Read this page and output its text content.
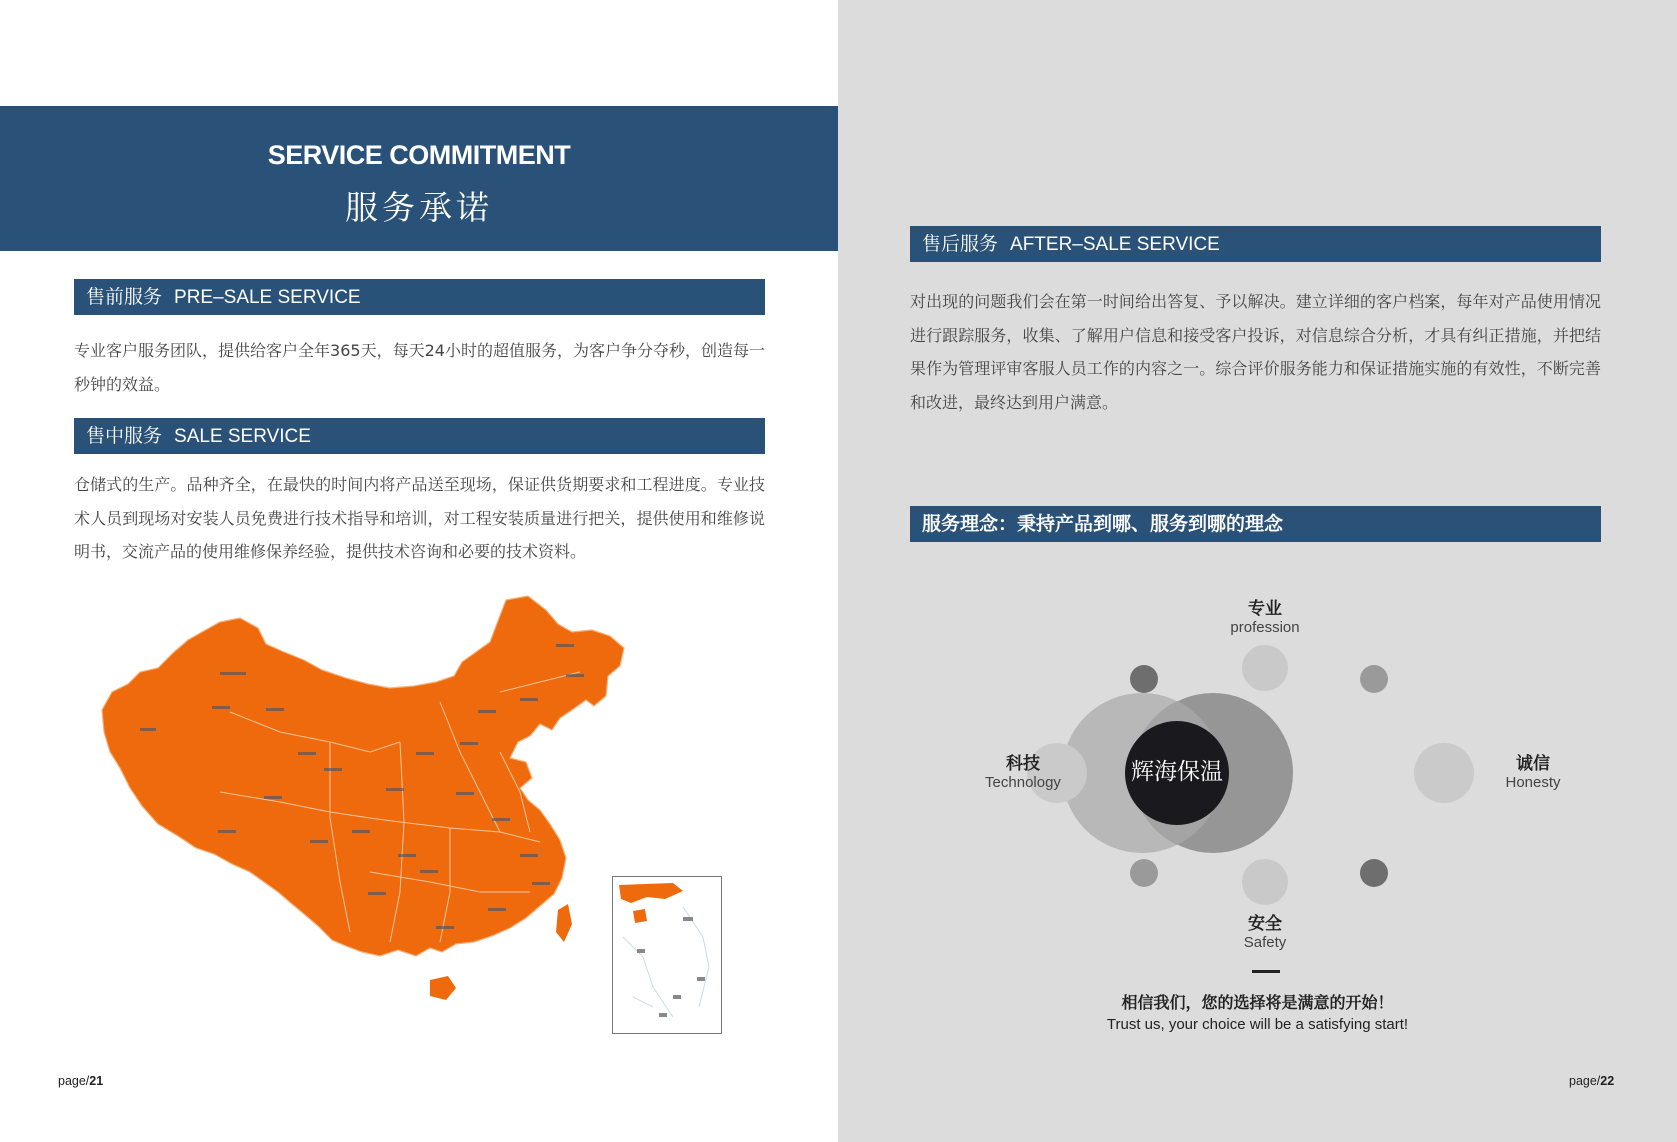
SERVICE COMMITMENT
服务承诺
售前服务 PRE–SALE SERVICE
专业客户服务团队，提供给客户全年365天，每天24小时的超值服务，为客户争分夺秒，创造每一秒钟的效益。
售中服务 SALE SERVICE
仓储式的生产。品种齐全，在最快的时间内将产品送至现场，保证供货期要求和工程进度。专业技术人员到现场对安装人员免费进行技术指导和培训，对工程安装质量进行把关，提供使用和维修说明书，交流产品的使用维修保养经验，提供技术咨询和必要的技术资料。
page/21
售后服务 AFTER–SALE SERVICE
对出现的问题我们会在第一时间给出答复、予以解决。建立详细的客户档案，每年对产品使用情况进行跟踪服务，收集、了解用户信息和接受客户投诉，对信息综合分析，才具有纠正措施，并把结果作为管理评审客服人员工作的内容之一。综合评价服务能力和保证措施实施的有效性，不断完善和改进，最终达到用户满意。
服务理念：秉持产品到哪、服务到哪的理念
辉海保温
专业
profession
科技
Technology
诚信
Honesty
安全
Safety
相信我们，您的选择将是满意的开始！
Trust us, your choice will be a satisfying start!
page/22
